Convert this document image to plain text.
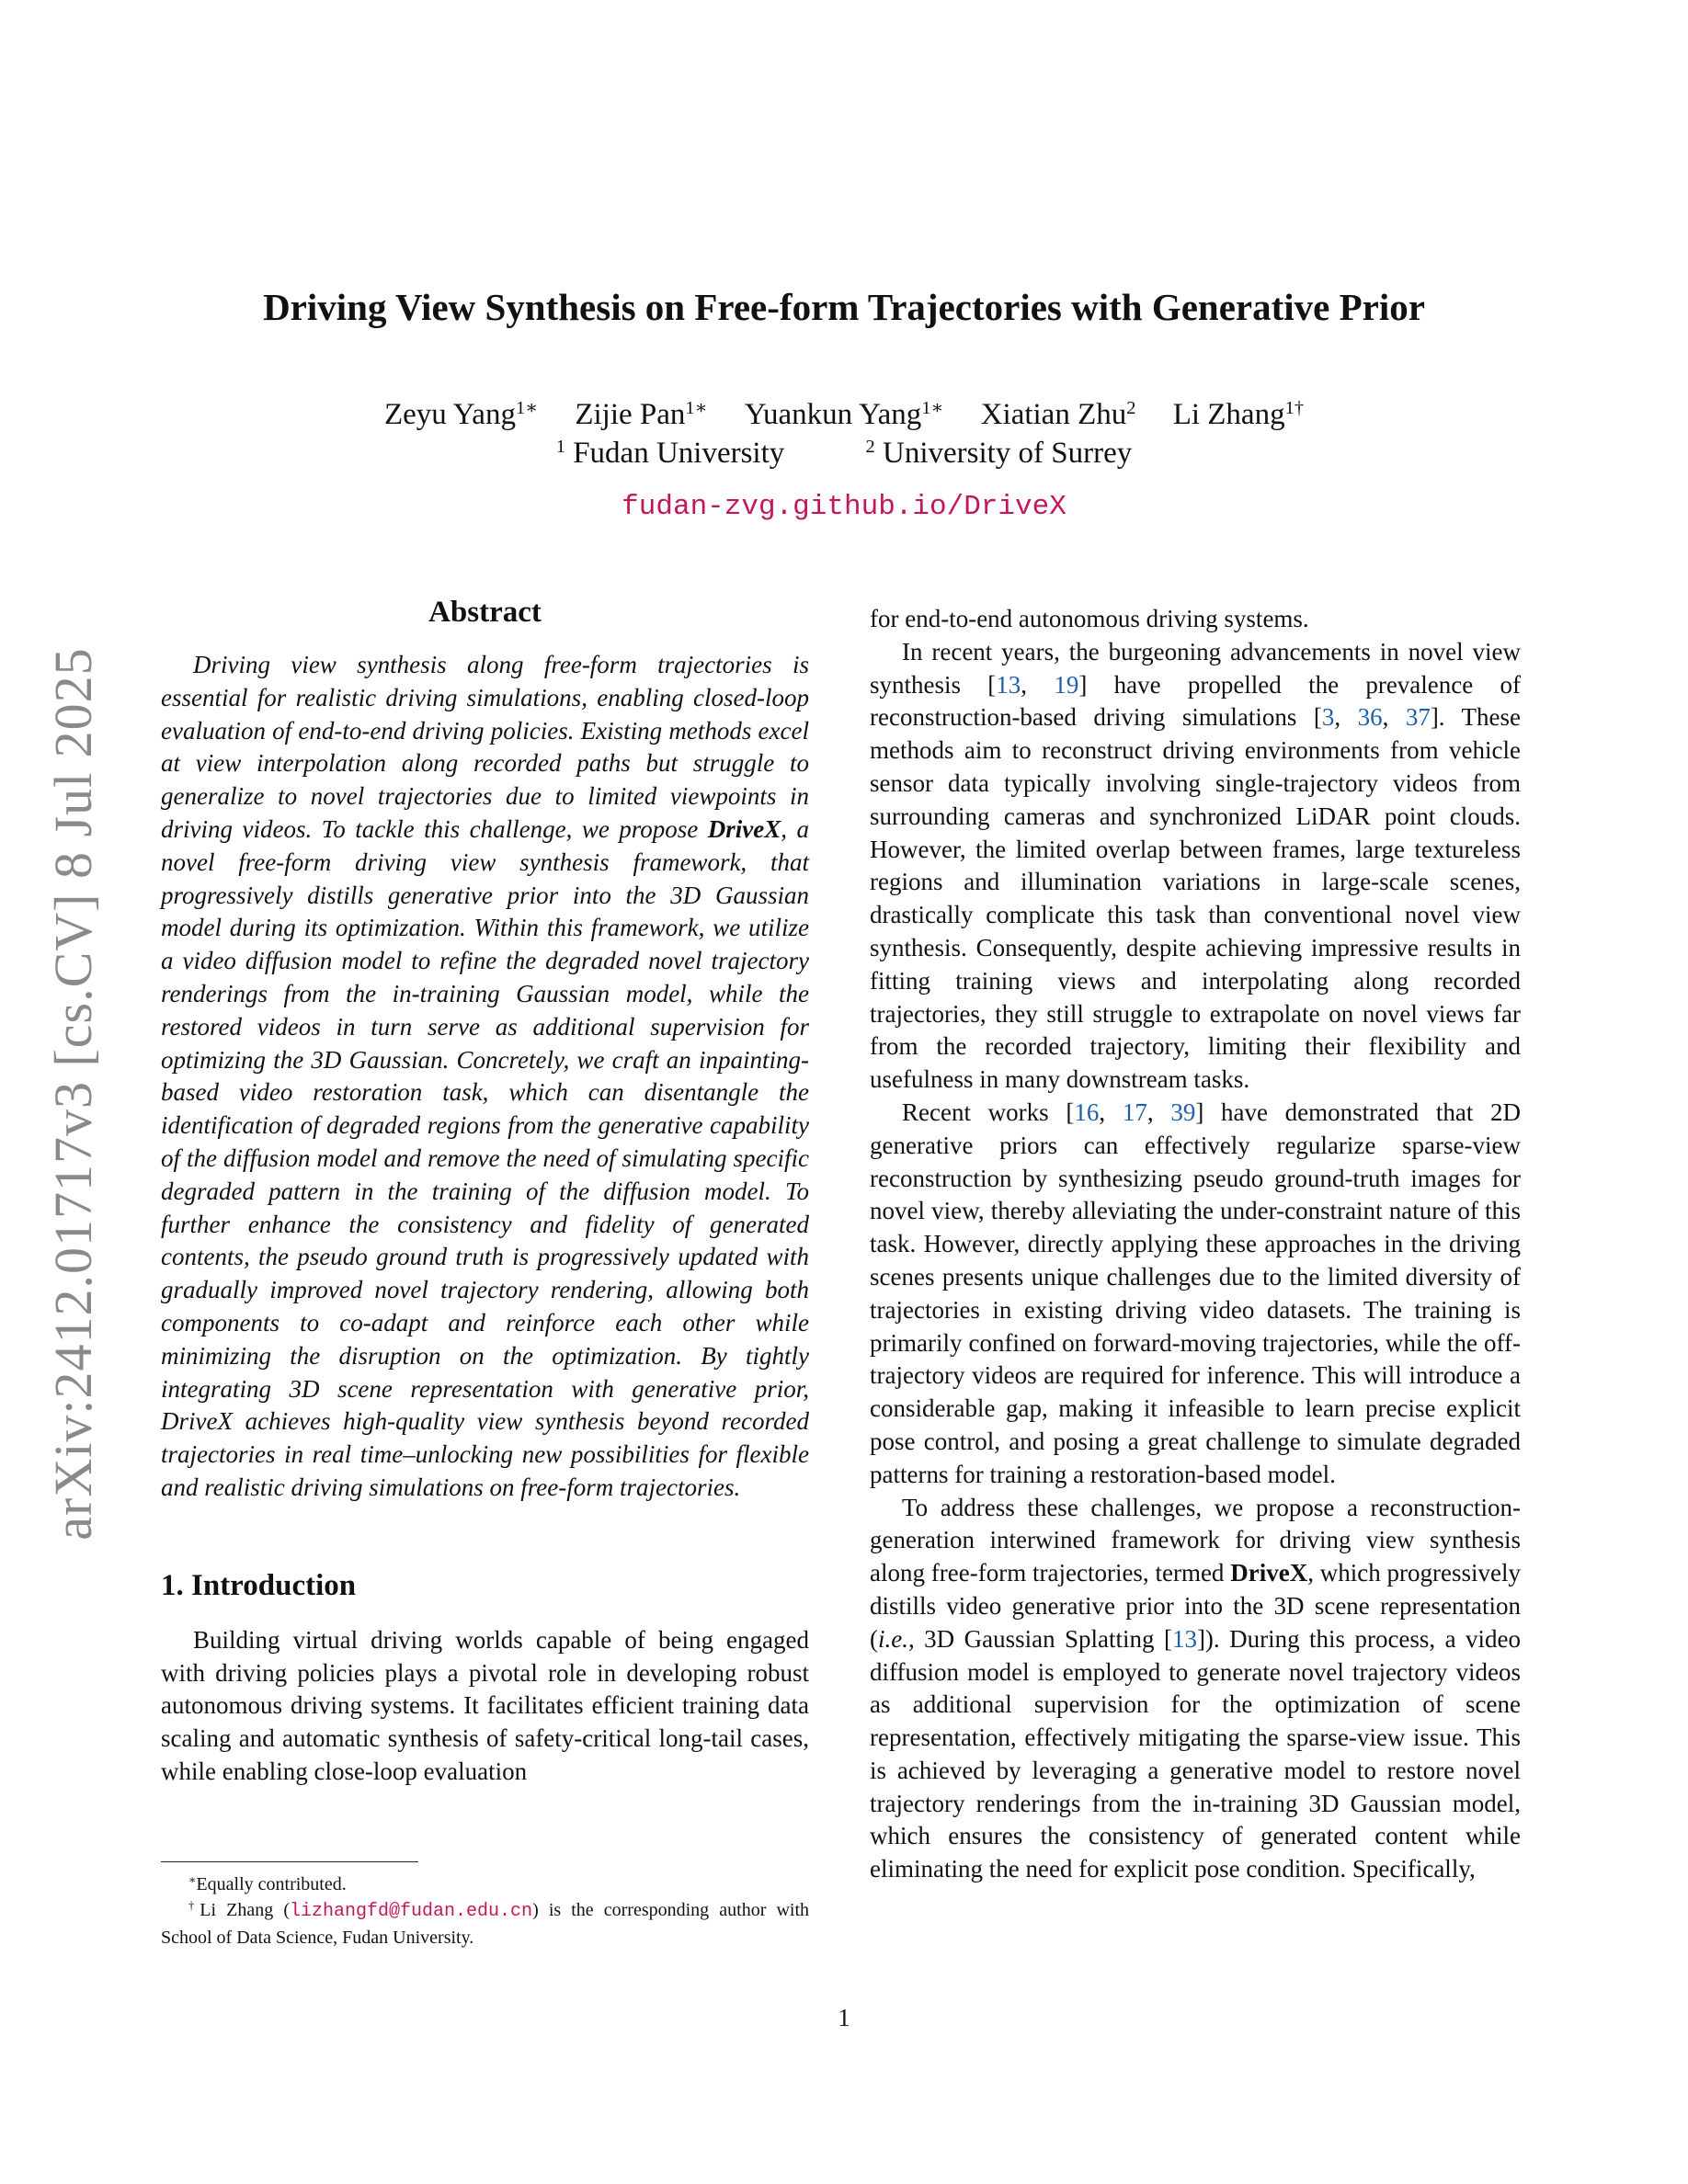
arXiv:2412.01717v3 [cs.CV] 8 Jul 2025
Driving View Synthesis on Free-form Trajectories with Generative Prior
Zeyu Yang$^{1∗}$ Zijie Pan$^{1∗}$ Yuankun Yang$^{1∗}$ Xiatian Zhu$^2$ Li Zhang$^{1\dagger}$
$^1$ Fudan University	$^2$ University of Surrey
fudan-zvg.github.io/DriveX
Abstract

Driving view synthesis along free-form trajectories is essential for realistic driving simulations, enabling closed-loop evaluation of end-to-end driving policies. Existing methods excel at view interpolation along recorded paths but struggle to generalize to novel trajectories due to limited viewpoints in driving videos. To tackle this challenge, we propose DriveX, a novel free-form driving view synthesis framework, that progressively distills generative prior into the 3D Gaussian model during its optimization. Within this framework, we utilize a video diffusion model to refine the degraded novel trajectory renderings from the in-training Gaussian model, while the restored videos in turn serve as additional supervision for optimizing the 3D Gaussian. Concretely, we craft an inpainting-based video restoration task, which can disentangle the identification of degraded regions from the generative capability of the diffusion model and remove the need of simulating specific degraded pattern in the training of the diffusion model. To further enhance the consistency and fidelity of generated contents, the pseudo ground truth is progressively updated with gradually improved novel trajectory rendering, allowing both components to co-adapt and reinforce each other while minimizing the disruption on the optimization. By tightly integrating 3D scene representation with generative prior, DriveX achieves high-quality view synthesis beyond recorded trajectories in real time–unlocking new possibilities for flexible and realistic driving simulations on free-form trajectories.

1. Introduction

Building virtual driving worlds capable of being engaged with driving policies plays a pivotal role in developing robust autonomous driving systems. It facilitates efficient training data scaling and automatic synthesis of safety-critical long-tail cases, while enabling close-loop evaluation

for end-to-end autonomous driving systems.

In recent years, the burgeoning advancements in novel view synthesis [13, 19] have propelled the prevalence of reconstruction-based driving simulations [3, 36, 37]. These methods aim to reconstruct driving environments from vehicle sensor data typically involving single-trajectory videos from surrounding cameras and synchronized LiDAR point clouds. However, the limited overlap between frames, large textureless regions and illumination variations in large-scale scenes, drastically complicate this task than conventional novel view synthesis. Consequently, despite achieving impressive results in fitting training views and interpolating along recorded trajectories, they still struggle to extrapolate on novel views far from the recorded trajectory, limiting their flexibility and usefulness in many downstream tasks.

Recent works [16, 17, 39] have demonstrated that 2D generative priors can effectively regularize sparse-view reconstruction by synthesizing pseudo ground-truth images for novel view, thereby alleviating the under-constraint nature of this task. However, directly applying these approaches in the driving scenes presents unique challenges due to the limited diversity of trajectories in existing driving video datasets. The training is primarily confined on forward-moving trajectories, while the off-trajectory videos are required for inference. This will introduce a considerable gap, making it infeasible to learn precise explicit pose control, and posing a great challenge to simulate degraded patterns for training a restoration-based model.

To address these challenges, we propose a reconstruction-generation interwined framework for driving view synthesis along free-form trajectories, termed DriveX, which progressively distills video generative prior into the 3D scene representation (i.e., 3D Gaussian Splatting [13]). During this process, a video diffusion model is employed to generate novel trajectory videos as additional supervision for the optimization of scene representation, effectively mitigating the sparse-view issue. This is achieved by leveraging a generative model to restore novel trajectory renderings from the in-training 3D Gaussian model, which ensures the consistency of generated content while eliminating the need for explicit pose condition. Specifically,

∗Equally contributed.

†Li Zhang (lizhangfd@fudan.edu.cn) is the corresponding author with School of Data Science, Fudan University.

1
